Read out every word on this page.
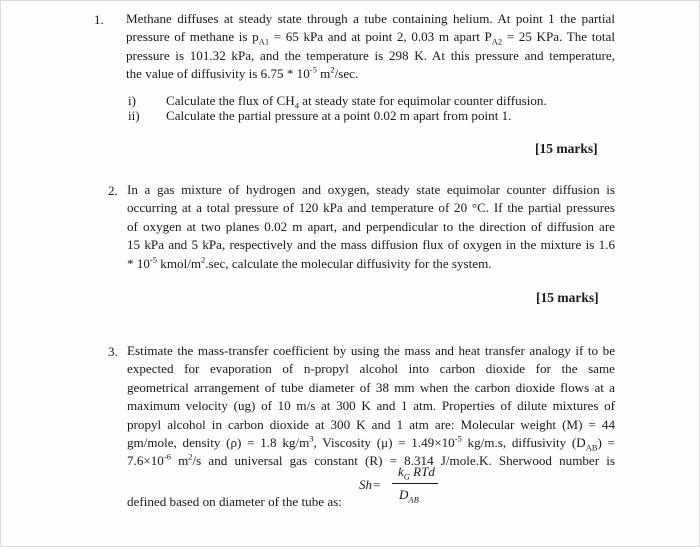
1. Methane diffuses at steady state through a tube containing helium. At point 1 the partial
pressure of methane is $p_{A1} = 65$ kPa and at point 2, 0.03 m apart $P_{A2} = 25$ KPa. The total
pressure is 101.32 kPa, and the temperature is 298 K. At this pressure and temperature,
the value of diffusivity is $6.75 * 10^{-5}$ $m^2/\sec$.
i) Calculate the flux of $CH_4$ at steady state for equimolar counter diffusion.
ii) Calculate the partial pressure at a point 0.02 m apart from point 1.
[15 marks]
2. In a gas mixture of hydrogen and oxygen, steady state equimolar counter diffusion is
occurring at a total pressure of 120 kPa and temperature of 20 °C. If the partial pressures
of oxygen at two planes 0.02 m apart, and perpendicular to the direction of diffusion are
15 kPa and 5 kPa, respectively and the mass diffusion flux of oxygen in the mixture is 1.6
* $10^{-5}$ kmol/$m^2.\sec$, calculate the molecular diffusivity for the system.
[15 marks]
3. Estimate the mass-transfer coefficient by using the mass and heat transfer analogy if to be
expected for evaporation of n-propyl alcohol into carbon dioxide for the same
geometrical arrangement of tube diameter of 38 mm when the carbon dioxide flows at a
maximum velocity (ug) of 10 m/s at 300 K and 1 atm. Properties of dilute mixtures of
propyl alcohol in carbon dioxide at 300 K and 1 atm are: Molecular weight (M) = 44
gm/mole, density (ρ) = 1.8 $kg/m^3$, Viscosity $(\mu) = 1.49\times 10^{-5}$ kg/m.s, diffusivity $(D_{AB})$ =
$7.6\times 10^{-6}$ $m^2/s$ and universal gas constant (R) = 8.314 J/mole.K. Sherwood number is
defined based on diameter of the tube as:
Sh=
$k_G$ RTd
$D_{AB}$
